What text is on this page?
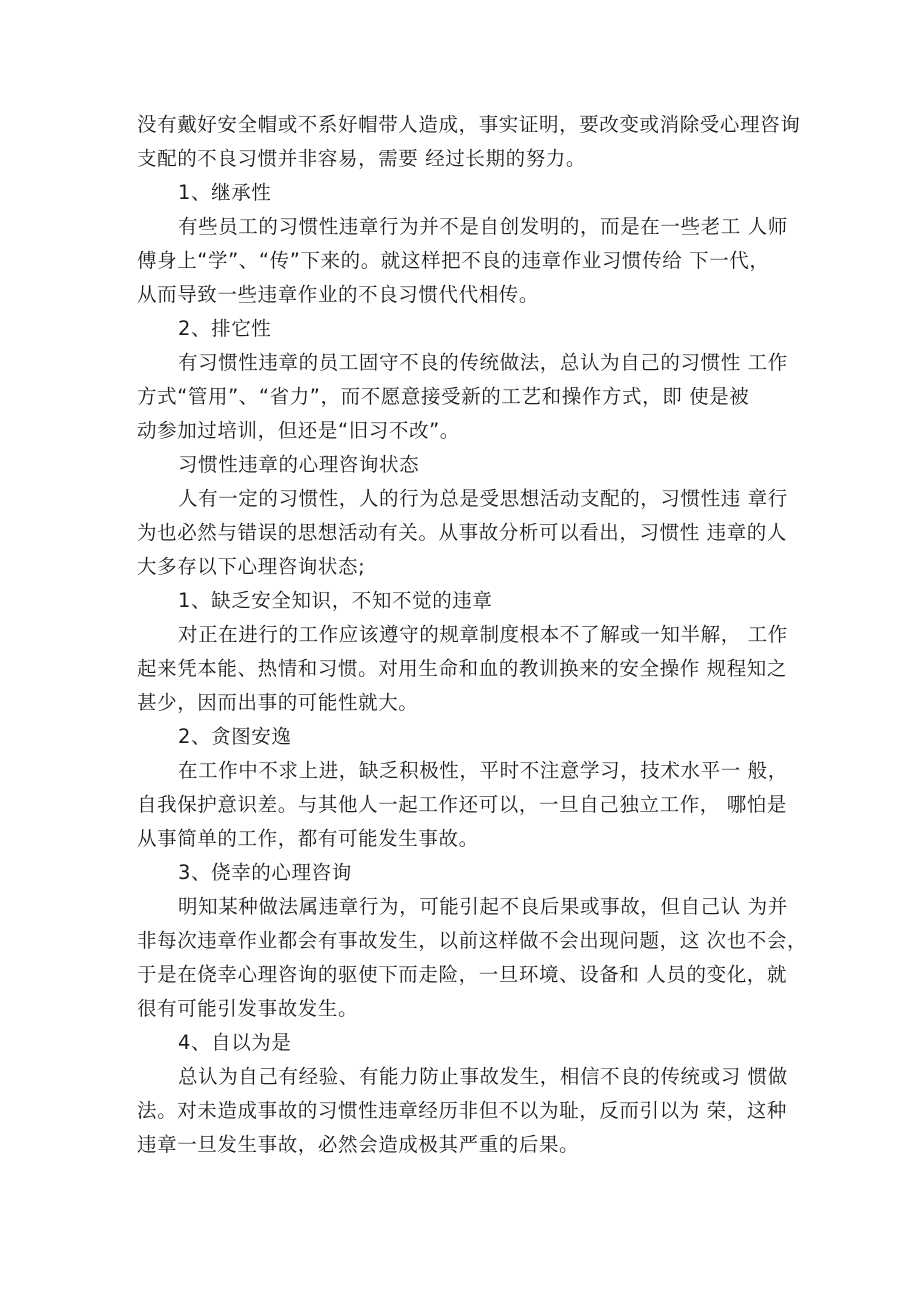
没有戴好安全帽或不系好帽带人造成，事实证明，要改变或消除受心理咨询
支配的不良习惯并非容易，需要 经过长期的努力。
1、继承性
有些员工的习惯性违章行为并不是自创发明的，而是在一些老工 人师
傅身上“学”、“传”下来的。就这样把不良的违章作业习惯传给 下一代，
从而导致一些违章作业的不良习惯代代相传。
2、排它性
有习惯性违章的员工固守不良的传统做法，总认为自己的习惯性 工作
方式“管用”、“省力”，而不愿意接受新的工艺和操作方式，即 使是被
动参加过培训，但还是“旧习不改”。
习惯性违章的心理咨询状态
人有一定的习惯性，人的行为总是受思想活动支配的，习惯性违 章行
为也必然与错误的思想活动有关。从事故分析可以看出，习惯性 违章的人
大多存以下心理咨询状态;
1、缺乏安全知识，不知不觉的违章
对正在进行的工作应该遵守的规章制度根本不了解或一知半解， 工作
起来凭本能、热情和习惯。对用生命和血的教训换来的安全操作 规程知之
甚少，因而出事的可能性就大。
2、贪图安逸
在工作中不求上进，缺乏积极性，平时不注意学习，技术水平一 般，
自我保护意识差。与其他人一起工作还可以，一旦自己独立工作， 哪怕是
从事简单的工作，都有可能发生事故。
3、侥幸的心理咨询
明知某种做法属违章行为，可能引起不良后果或事故，但自己认 为并
非每次违章作业都会有事故发生，以前这样做不会出现问题，这 次也不会，
于是在侥幸心理咨询的驱使下而走险，一旦环境、设备和 人员的变化，就
很有可能引发事故发生。
4、自以为是
总认为自己有经验、有能力防止事故发生，相信不良的传统或习 惯做
法。对未造成事故的习惯性违章经历非但不以为耻，反而引以为 荣，这种
违章一旦发生事故，必然会造成极其严重的后果。
